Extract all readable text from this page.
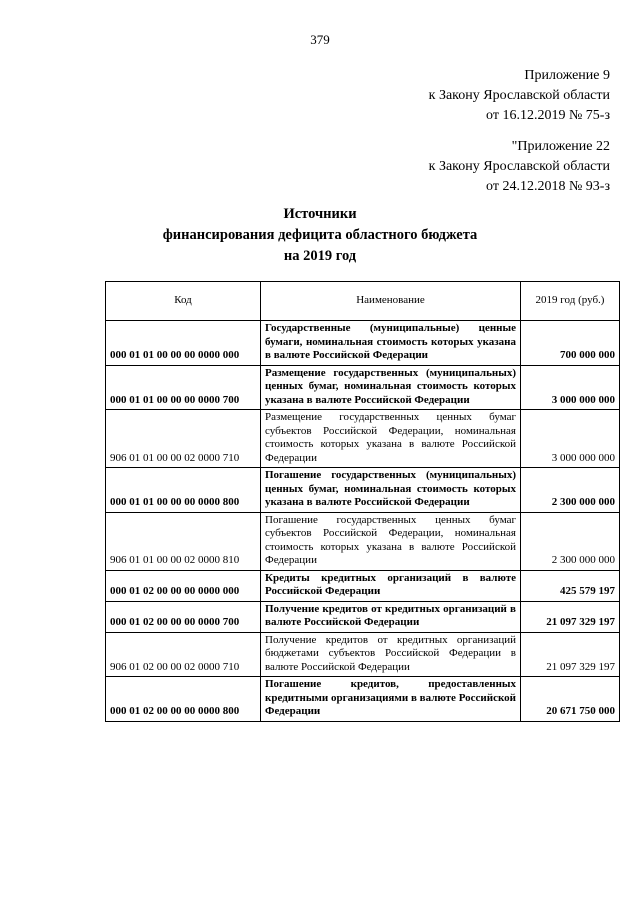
379
Приложение 9
к Закону Ярославской области
от 16.12.2019 № 75-з
"Приложение 22
к Закону Ярославской области
от 24.12.2018 № 93-з
Источники
финансирования дефицита областного бюджета
на 2019 год
Код	Наименование	2019 год (руб.)
000 01 01 00 00 00 0000 000	Государственные (муниципальные) ценные бумаги, номинальная стоимость которых указана в валюте Российской Федерации	700 000 000
000 01 01 00 00 00 0000 700	Размещение государственных (муниципальных) ценных бумаг, номинальная стоимость которых указана в валюте Российской Федерации	3 000 000 000
906 01 01 00 00 02 0000 710	Размещение государственных ценных бумаг субъектов Российской Федерации, номинальная стоимость которых указана в валюте Российской Федерации	3 000 000 000
000 01 01 00 00 00 0000 800	Погашение государственных (муниципальных) ценных бумаг, номинальная стоимость которых указана в валюте Российской Федерации	2 300 000 000
906 01 01 00 00 02 0000 810	Погашение государственных ценных бумаг субъектов Российской Федерации, номинальная стоимость которых указана в валюте Российской Федерации	2 300 000 000
000 01 02 00 00 00 0000 000	Кредиты кредитных организаций в валюте Российской Федерации	425 579 197
000 01 02 00 00 00 0000 700	Получение кредитов от кредитных организаций в валюте Российской Федерации	21 097 329 197
906 01 02 00 00 02 0000 710	Получение кредитов от кредитных организаций бюджетами субъектов Российской Федерации в валюте Российской Федерации	21 097 329 197
000 01 02 00 00 00 0000 800	Погашение кредитов, предоставленных кредитными организациями в валюте Российской Федерации	20 671 750 000
